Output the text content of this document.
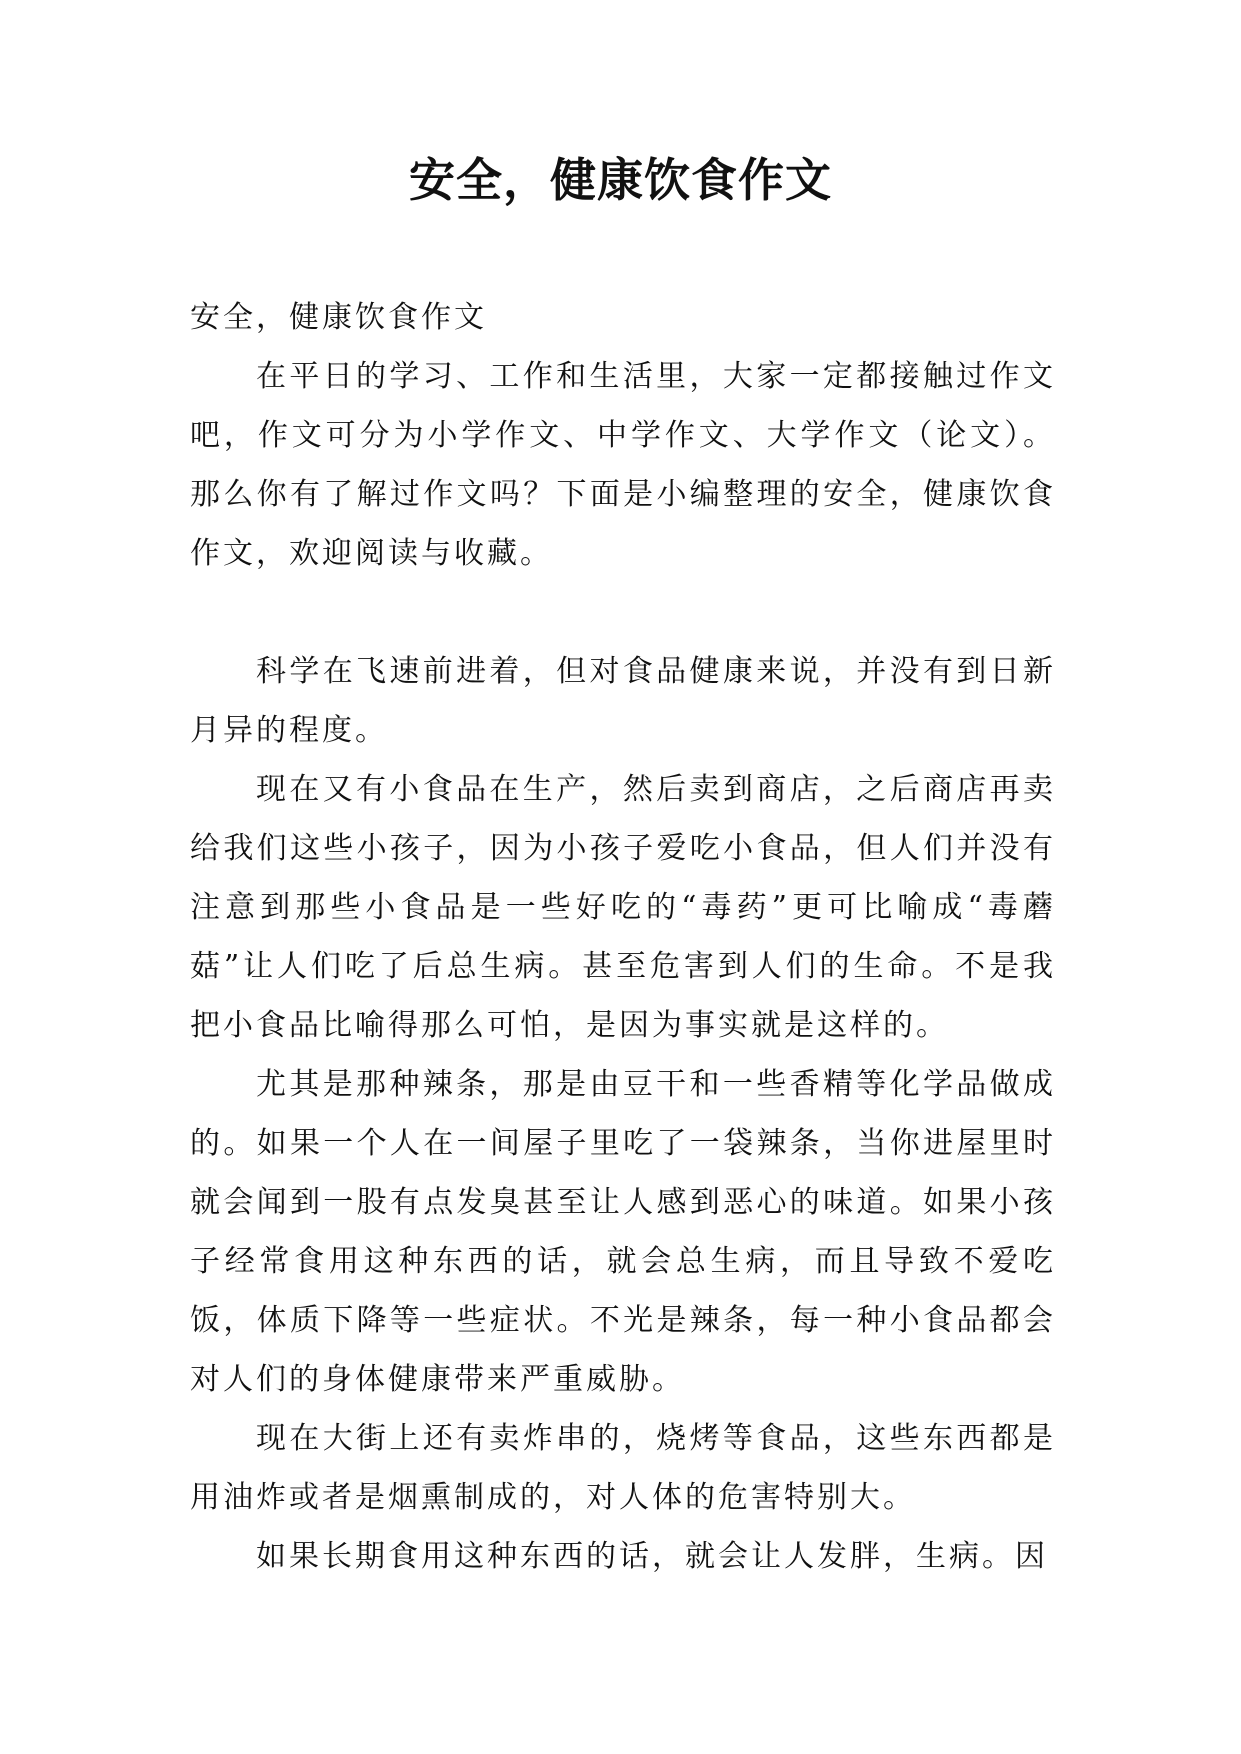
安全，健康饮食作文

安全，健康饮食作文

在平日的学习、工作和生活里，大家一定都接触过作文吧，作文可分为小学作文、中学作文、大学作文（论文）。那么你有了解过作文吗？下面是小编整理的安全，健康饮食作文，欢迎阅读与收藏。

科学在飞速前进着，但对食品健康来说，并没有到日新月异的程度。

现在又有小食品在生产，然后卖到商店，之后商店再卖给我们这些小孩子，因为小孩子爱吃小食品，但人们并没有注意到那些小食品是一些好吃的“毒药”更可比喻成“毒蘑菇”让人们吃了后总生病。甚至危害到人们的生命。不是我把小食品比喻得那么可怕，是因为事实就是这样的。

尤其是那种辣条，那是由豆干和一些香精等化学品做成的。如果一个人在一间屋子里吃了一袋辣条，当你进屋里时就会闻到一股有点发臭甚至让人感到恶心的味道。如果小孩子经常食用这种东西的话，就会总生病，而且导致不爱吃饭，体质下降等一些症状。不光是辣条，每一种小食品都会对人们的身体健康带来严重威胁。

现在大街上还有卖炸串的，烧烤等食品，这些东西都是用油炸或者是烟熏制成的，对人体的危害特别大。

如果长期食用这种东西的话，就会让人发胖，生病。因
